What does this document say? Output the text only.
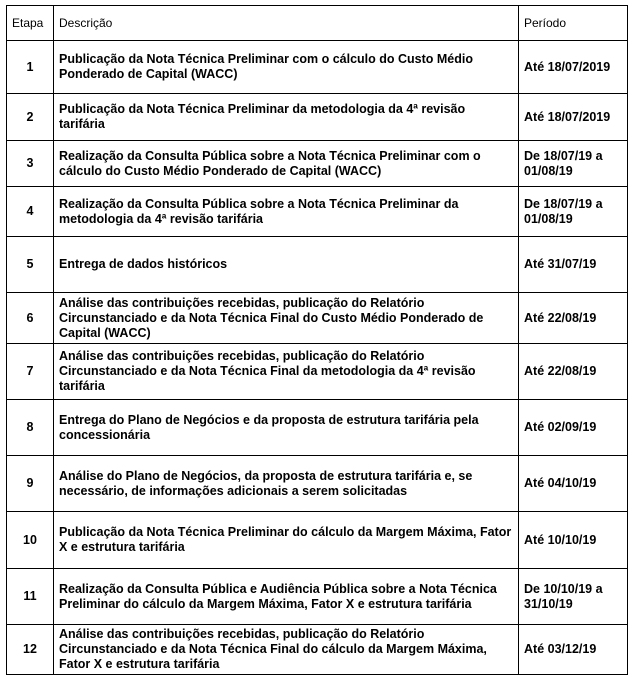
Etapa	Descrição	Período
1	Publicação da Nota Técnica Preliminar com o cálculo do Custo Médio Ponderado de Capital (WACC)	Até 18/07/2019
2	Publicação da Nota Técnica Preliminar da metodologia da 4ª revisão tarifária	Até 18/07/2019
3	Realização da Consulta Pública sobre a Nota Técnica Preliminar com o cálculo do Custo Médio Ponderado de Capital (WACC)	De 18/07/19 a 01/08/19
4	Realização da Consulta Pública sobre a Nota Técnica Preliminar da metodologia da 4ª revisão tarifária	De 18/07/19 a 01/08/19
5	Entrega de dados históricos	Até 31/07/19
6	Análise das contribuições recebidas, publicação do Relatório Circunstanciado e da Nota Técnica Final do Custo Médio Ponderado de Capital (WACC)	Até 22/08/19
7	Análise das contribuições recebidas, publicação do Relatório Circunstanciado e da Nota Técnica Final da metodologia da 4ª revisão tarifária	Até 22/08/19
8	Entrega do Plano de Negócios e da proposta de estrutura tarifária pela concessionária	Até 02/09/19
9	Análise do Plano de Negócios, da proposta de estrutura tarifária e, se necessário, de informações adicionais a serem solicitadas	Até 04/10/19
10	Publicação da Nota Técnica Preliminar do cálculo da Margem Máxima, Fator X e estrutura tarifária	Até 10/10/19
11	Realização da Consulta Pública e Audiência Pública sobre a Nota Técnica Preliminar do cálculo da Margem Máxima, Fator X e estrutura tarifária	De 10/10/19 a 31/10/19
12	Análise das contribuições recebidas, publicação do Relatório Circunstanciado e da Nota Técnica Final do cálculo da Margem Máxima, Fator X e estrutura tarifária	Até 03/12/19
